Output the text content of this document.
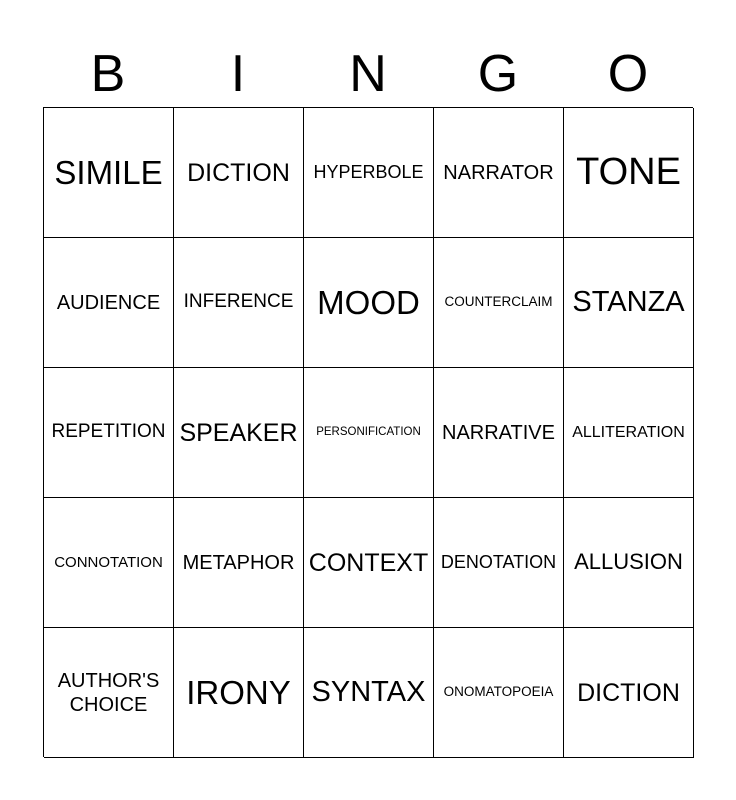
B	I	N	G	O
SIMILE DICTION HYPERBOLE NARRATOR TONE
AUDIENCE INFERENCE MOOD COUNTERCLAIM STANZA
REPETITION SPEAKER PERSONIFICATION NARRATIVE ALLITERATION
CONNOTATION METAPHOR CONTEXT DENOTATION ALLUSION
AUTHOR'S
CHOICE	IRONY SYNTAX ONOMATOPOEIA DICTION
